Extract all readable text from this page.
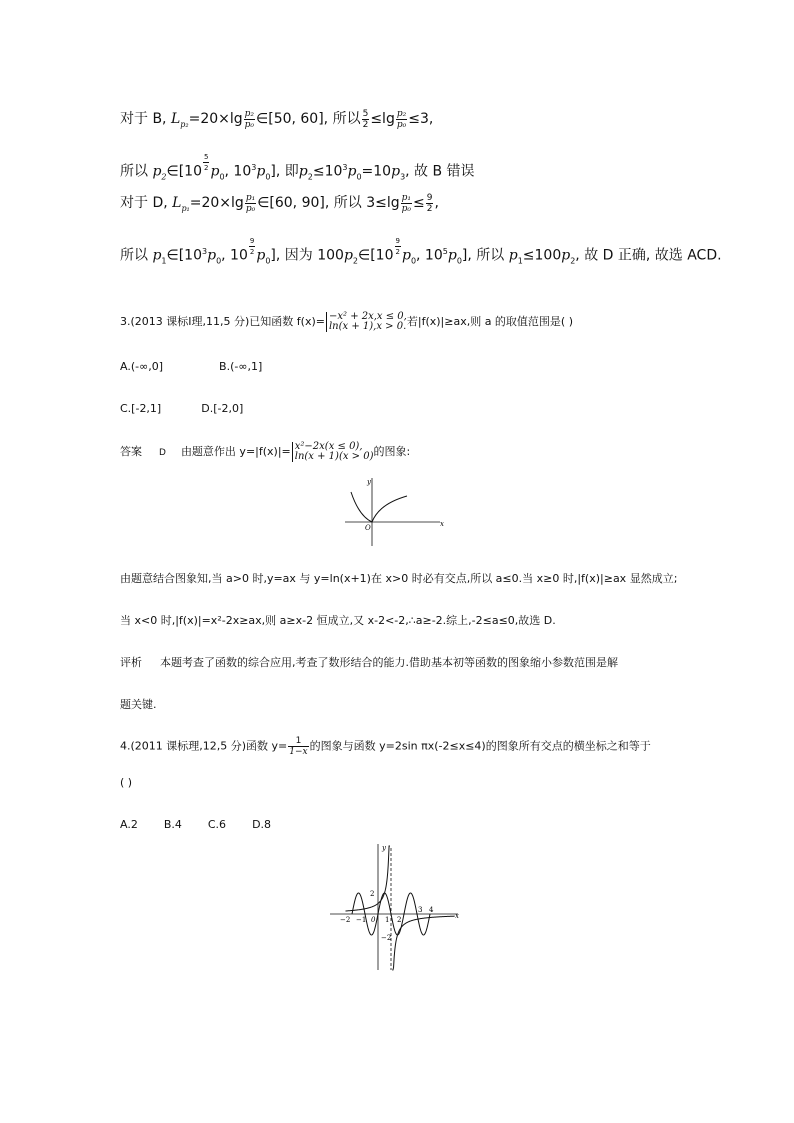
对于 B, $L_{p_2}=20\times\lg \frac{\text{p₂}}{\text{p₀}}$ ∈[50, 60], 所以 $\frac{5}{2} \le\lg \frac{\text{p₂}}{\text{p₀}} \le 3$,
所以 $p_2\in[10$ $^{\frac{5}{2}}$ $p_0$, $10^3p_0$], 即$p_2\le 10^3p_0=10p_3$, 故 B 错误
对于 D, $L_{p_1}=20\times\lg \frac{\text{p₁}}{\text{p₀}}$ ∈[60, 90], 所以 $3\le\lg \frac{\text{p₁}}{\text{p₀}} \le \frac{9}{2}$ ,
所以 $p_1\in[10^3p_0$, 10 $^{\frac{9}{2}}$ $p_0$], 因为 $100p_2\in[10$ $^{\frac{9}{2}}$ $p_0$, $10^5p_0$], 所以 $p_1\le 100p_2$, 故 D 正确, 故选 ACD.
3.(2013 课标Ⅰ理,11,5 分)已知函数 f(x)= −x² + 2x,x ≤ 0,
ln(x + 1),x > 0. 若|f(x)|≥ax,则 a 的取值范围是( )
A.(-∞,0]	B.(-∞,1]
C.[-2,1]	D.[-2,0]
答案 D 由题意作出 y=|f(x)|= x²−2x(x ≤ 0),
ln(x + 1)(x > 0) 的图象:
y
O	x
由题意结合图象知,当 a>0 时,y=ax 与 y=ln(x+1)在 x>0 时必有交点,所以 a≤0.当 x≥0 时,|f(x)|≥ax 显然成立;
当 x<0 时,|f(x)|=x²-2x≥ax,则 a≥x-2 恒成立,又 x-2<-2,∴a≥-2.综上,-2≤a≤0,故选 D.
评析 本题考查了函数的综合应用,考查了数形结合的能力.借助基本初等函数的图象缩小参数范围是解
题关键.
4.(2011 课标理,12,5 分)函数 $y= \frac{1}{1-x}$ 的图象与函数 y=2sin πx(-2≤x≤4)的图象所有交点的横坐标之和等于
( )
A.2 B.4 C.6 D.8
y
x
−2 −1 0 1 2
3 4
2
−2
